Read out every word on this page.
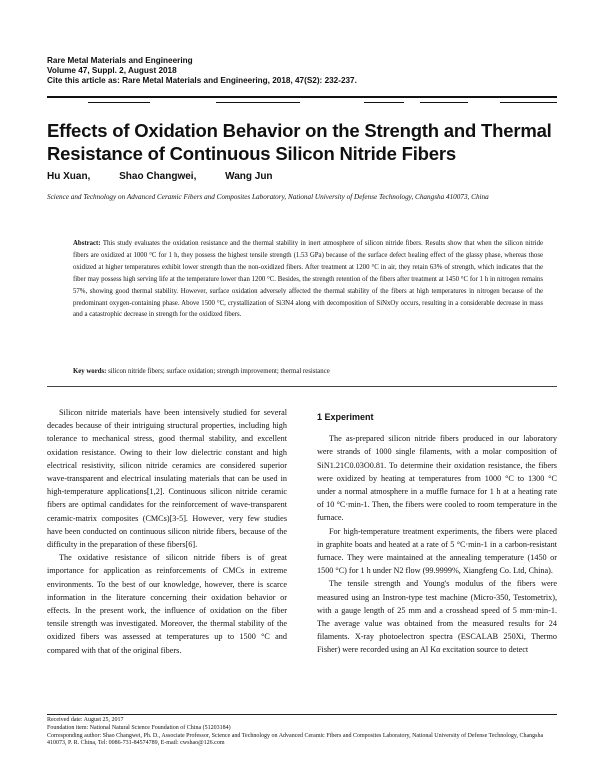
Rare Metal Materials and Engineering
Volume 47, Suppl. 2, August 2018
Cite this article as: Rare Metal Materials and Engineering, 2018, 47(S2): 232-237.
Effects of Oxidation Behavior on the Strength and Thermal Resistance of Continuous Silicon Nitride Fibers
Hu Xuan,	Shao Changwei,	Wang Jun
Science and Technology on Advanced Ceramic Fibers and Composites Laboratory, National University of Defense Technology, Changsha 410073, China
Abstract: This study evaluates the oxidation resistance and the thermal stability in inert atmosphere of silicon nitride fibers. Results show that when the silicon nitride fibers are oxidized at 1000 °C for 1 h, they possess the highest tensile strength (1.53 GPa) because of the surface defect healing effect of the glassy phase, whereas those oxidized at higher temperatures exhibit lower strength than the non-oxidized fibers. After treatment at 1200 °C in air, they retain 63% of strength, which indicates that the fiber may possess high serving life at the temperature lower than 1200 °C. Besides, the strength retention of the fibers after treatment at 1450 °C for 1 h in nitrogen remains 57%, showing good thermal stability. However, surface oxidation adversely affected the thermal stability of the fibers at high temperatures in nitrogen because of the predominant oxygen-containing phase. Above 1500 °C, crystallization of Si3N4 along with decomposition of SiNxOy occurs, resulting in a considerable decrease in mass and a catastrophic decrease in strength for the oxidized fibers.
Key words: silicon nitride fibers; surface oxidation; strength improvement; thermal resistance

Silicon nitride materials have been intensively studied for several decades because of their intriguing structural properties, including high tolerance to mechanical stress, good thermal stability, and excellent oxidation resistance. Owing to their low dielectric constant and high electrical resistivity, silicon nitride ceramics are considered superior wave-transparent and electrical insulating materials that can be used in high-temperature applications[1,2]. Continuous silicon nitride ceramic fibers are optimal candidates for the reinforcement of wave-transparent ceramic-matrix composites (CMCs)[3-5]. However, very few studies have been conducted on continuous silicon nitride fibers, because of the difficulty in the preparation of these fibers[6].

The oxidative resistance of silicon nitride fibers is of great importance for application as reinforcements of CMCs in extreme environments. To the best of our knowledge, however, there is scarce information in the literature concerning their oxidation behavior or effects. In the present work, the influence of oxidation on the fiber tensile strength was investigated. Moreover, the thermal stability of the oxidized fibers was assessed at temperatures up to 1500 °C and compared with that of the original fibers.

1 Experiment

The as-prepared silicon nitride fibers produced in our laboratory were strands of 1000 single filaments, with a molar composition of SiN1.21C0.03O0.81. To determine their oxidation resistance, the fibers were oxidized by heating at temperatures from 1000 °C to 1300 °C under a normal atmosphere in a muffle furnace for 1 h at a heating rate of 10 °C·min-1. Then, the fibers were cooled to room temperature in the furnace.

For high-temperature treatment experiments, the fibers were placed in graphite boats and heated at a rate of 5 °C·min-1 in a carbon-resistant furnace. They were maintained at the annealing temperature (1450 or 1500 °C) for 1 h under N2 flow (99.9999%, Xiangfeng Co. Ltd, China).

The tensile strength and Young's modulus of the fibers were measured using an Instron-type test machine (Micro-350, Testometrix), with a gauge length of 25 mm and a crosshead speed of 5 mm·min-1. The average value was obtained from the measured results for 24 filaments. X-ray photoelectron spectra (ESCALAB 250Xi, Thermo Fisher) were recorded using an Al Kα excitation source to detect

Received date: August 25, 2017
Foundation item: National Natural Science Foundation of China (51203184)
Corresponding author: Shao Changwei, Ph. D., Associate Professor, Science and Technology on Advanced Ceramic Fibers and Composites Laboratory, National University of Defense Technology, Changsha 410073, P. R. China, Tel: 0086-731-84574789, E-mail: cwshao@126.com
